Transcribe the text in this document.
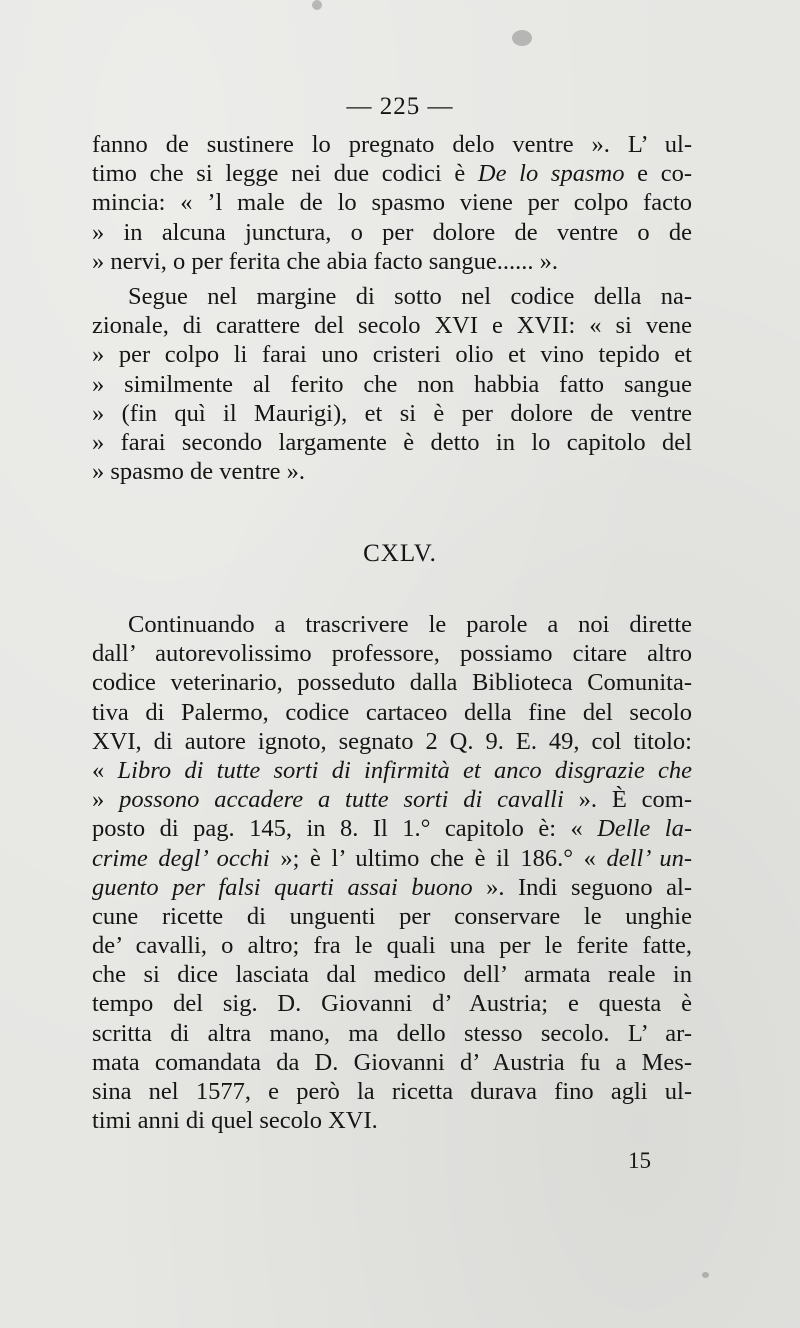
— 225 —
fanno de sustinere lo pregnato delo ventre ». L’ ul-
timo che si legge nei due codici è De lo spasmo e co-
mincia: « ’l male de lo spasmo viene per colpo facto
» in alcuna junctura, o per dolore de ventre o de
» nervi, o per ferita che abia facto sangue...... ».
Segue nel margine di sotto nel codice della na-
zionale, di carattere del secolo XVI e XVII: « si vene
» per colpo li farai uno cristeri olio et vino tepido et
» similmente al ferito che non habbia fatto sangue
» (fin quì il Maurigi), et si è per dolore de ventre
» farai secondo largamente è detto in lo capitolo del
» spasmo de ventre ».
CXLV.
Continuando a trascrivere le parole a noi dirette
dall’ autorevolissimo professore, possiamo citare altro
codice veterinario, posseduto dalla Biblioteca Comunita-
tiva di Palermo, codice cartaceo della fine del secolo
XVI, di autore ignoto, segnato 2 Q. 9. E. 49, col titolo:
« Libro di tutte sorti di infirmità et anco disgrazie che
» possono accadere a tutte sorti di cavalli ». È com-
posto di pag. 145, in 8. Il 1.° capitolo è: « Delle la-
crime degl’ occhi »; è l’ ultimo che è il 186.° « dell’ un-
guento per falsi quarti assai buono ». Indi seguono al-
cune ricette di unguenti per conservare le unghie
de’ cavalli, o altro; fra le quali una per le ferite fatte,
che si dice lasciata dal medico dell’ armata reale in
tempo del sig. D. Giovanni d’ Austria; e questa è
scritta di altra mano, ma dello stesso secolo. L’ ar-
mata comandata da D. Giovanni d’ Austria fu a Mes-
sina nel 1577, e però la ricetta durava fino agli ul-
timi anni di quel secolo XVI.
15
